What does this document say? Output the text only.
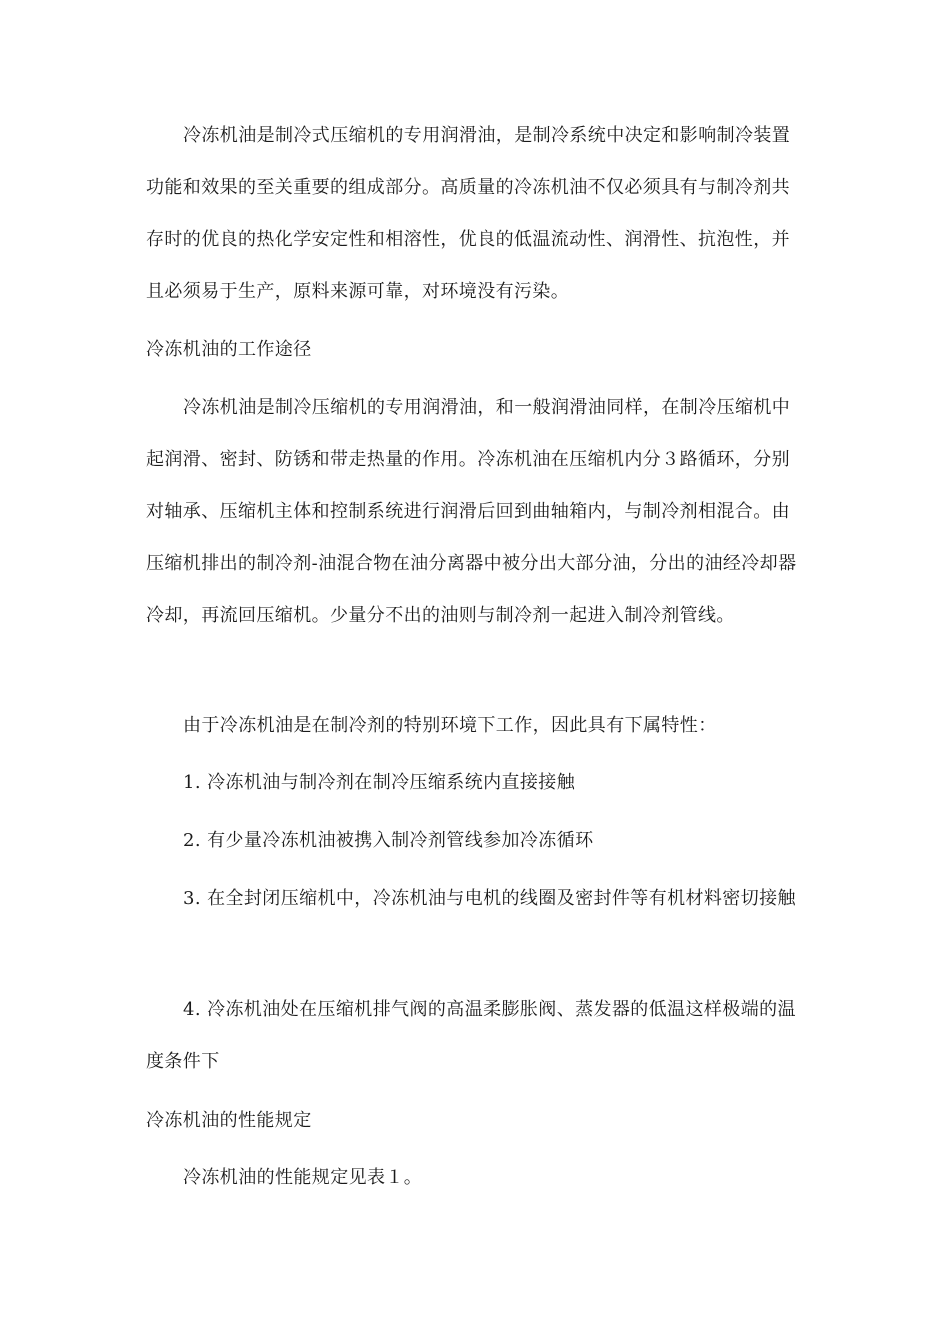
冷冻机油是制冷式压缩机的专用润滑油，是制冷系统中决定和影响制冷装置功能和效果的至关重要的组成部分。高质量的冷冻机油不仅必须具有与制冷剂共存时的优良的热化学安定性和相溶性，优良的低温流动性、润滑性、抗泡性，并且必须易于生产，原料来源可靠，对环境没有污染。

冷冻机油的工作途径

冷冻机油是制冷压缩机的专用润滑油，和一般润滑油同样，在制冷压缩机中起润滑、密封、防锈和带走热量的作用。冷冻机油在压缩机内分３路循环，分别对轴承、压缩机主体和控制系统进行润滑后回到曲轴箱内，与制冷剂相混合。由压缩机排出的制冷剂-油混合物在油分离器中被分出大部分油，分出的油经冷却器冷却，再流回压缩机。少量分不出的油则与制冷剂一起进入制冷剂管线。

由于冷冻机油是在制冷剂的特别环境下工作，因此具有下属特性：

1. 冷冻机油与制冷剂在制冷压缩系统内直接接触

2. 有少量冷冻机油被携入制冷剂管线参加冷冻循环

3. 在全封闭压缩机中，冷冻机油与电机的线圈及密封件等有机材料密切接触

4. 冷冻机油处在压缩机排气阀的高温柔膨胀阀、蒸发器的低温这样极端的温度条件下

冷冻机油的性能规定

冷冻机油的性能规定见表１。
